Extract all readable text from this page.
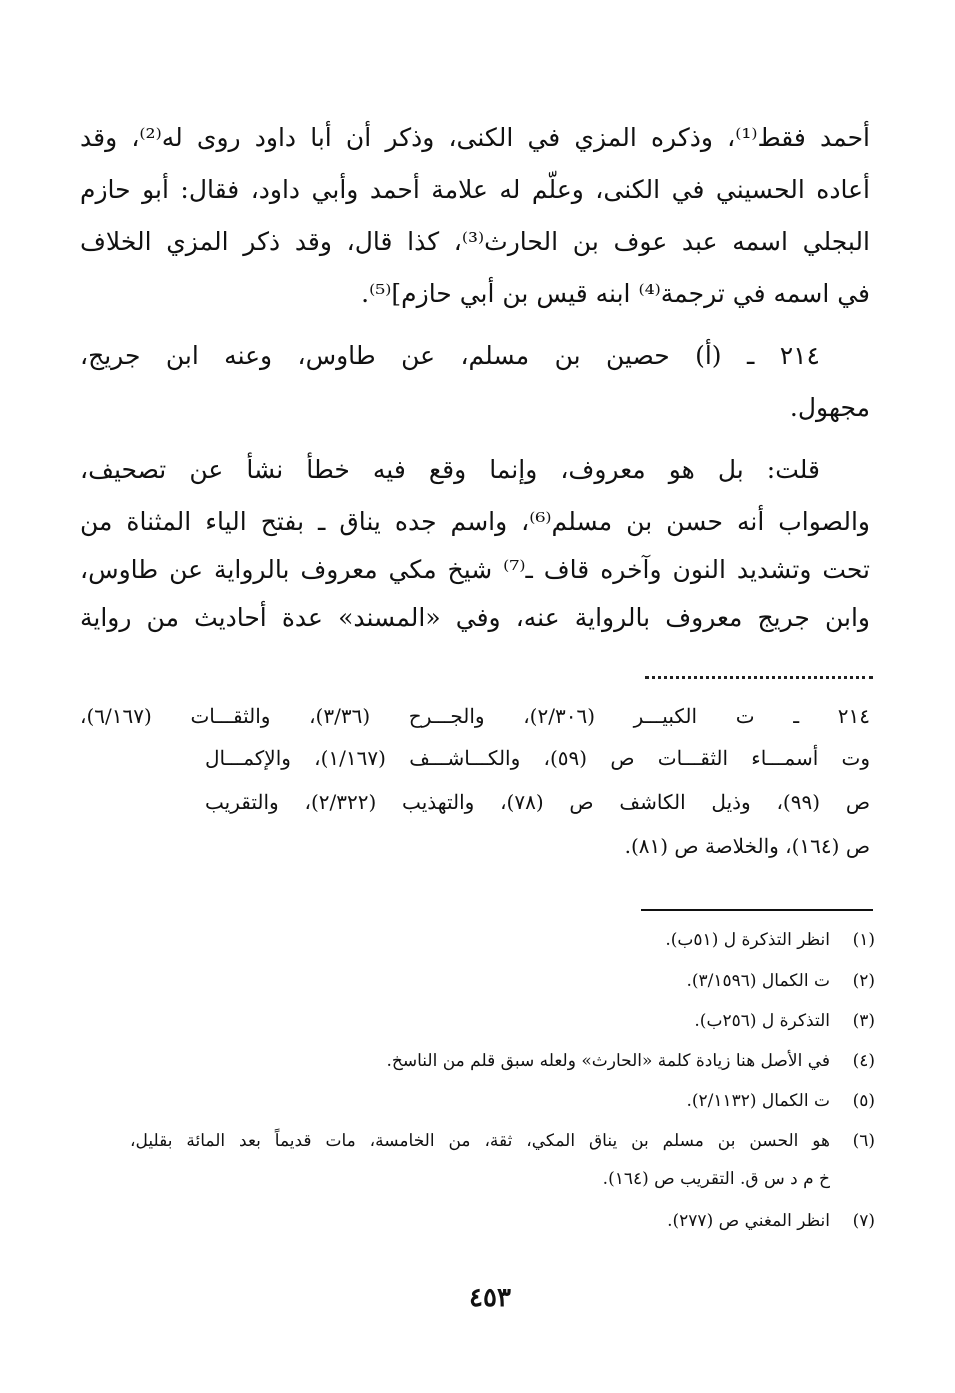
أحمد فقط⁽¹⁾، وذكره المزي في الكنى، وذكر أن أبا داود روى له⁽²⁾، وقد
أعاده الحسيني في الكنى، وعلّم له علامة أحمد وأبي داود، فقال: أبو حازم
البجلي اسمه عبد عوف بن الحارث⁽³⁾، كذا قال، وقد ذكر المزي الخلاف
في اسمه في ترجمة⁽⁴⁾ ابنه قيس بن أبي حازم]⁽⁵⁾.
٢١٤ ـ (أ) حصين بن مسلم، عن طاوس، وعنه ابن جريج،
مجهول.
قلت: بل هو معروف، وإنما وقع فيه خطأ نشأ عن تصحيف،
والصواب أنه حسن بن مسلم⁽⁶⁾، واسم جده يناق ـ بفتح الياء المثناة من
تحت وتشديد النون وآخره قاف ـ⁽⁷⁾ شيخ مكي معروف بالرواية عن طاوس،
وابن جريج معروف بالرواية عنه، وفي «المسند» عدة أحاديث من رواية
٢١٤ ـ ت الكبيـــر (٢/٣٠٦)، والجـــرح (٣/٣٦)، والثقـــات (٦/١٦٧)،
وت أسمـــاء الثقـــات ص (٥٩)، والكـــاشـــف (١/١٦٧)، والإكمـــال
ص (٩٩)، وذيل الكاشف ص (٧٨)، والتهذيب (٢/٣٢٢)، والتقريب
ص (١٦٤)، والخلاصة ص (٨١).
(١)
انظر التذكرة ل (٥١ب).
(٢)
ت الكمال (٣/١٥٩٦).
(٣)
التذكرة ل (٢٥٦ب).
(٤)
في الأصل هنا زيادة كلمة «الحارث» ولعله سبق قلم من الناسخ.
(٥)
ت الكمال (٢/١١٣٢).
(٦)
هو الحسن بن مسلم بن يناق المكي، ثقة، من الخامسة، مات قديماً بعد المائة بقليل،
خ م د س ق. التقريب ص (١٦٤).
(٧)
انظر المغني ص (٢٧٧).
٤٥٣
